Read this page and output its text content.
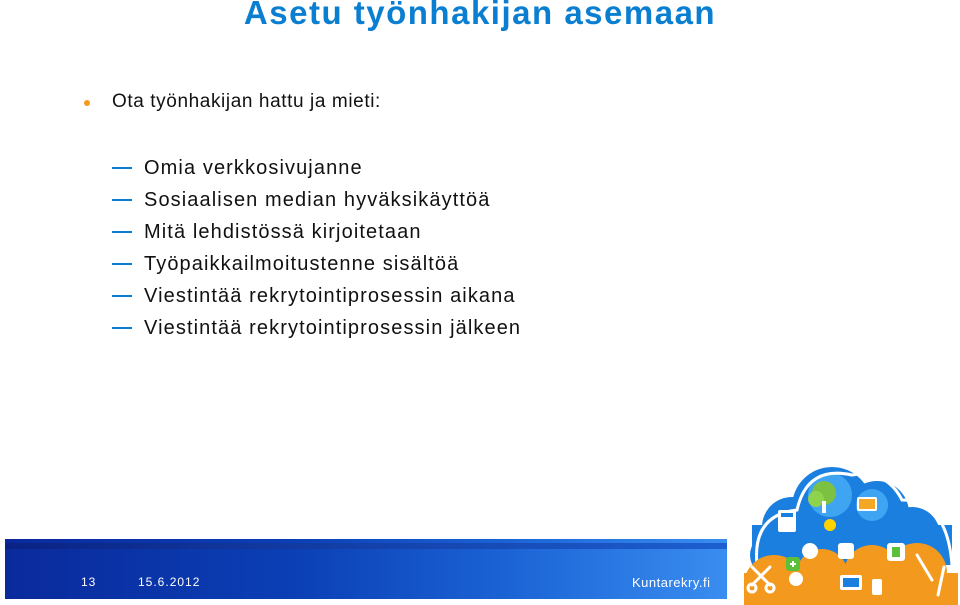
Asetu työnhakijan asemaan
Ota työnhakijan hattu ja mieti:
Omia verkkosivujanne
Sosiaalisen median hyväksikäyttöä
Mitä lehdistössä kirjoitetaan
Työpaikkailmoitustenne sisältöä
Viestintää rekrytointiprosessin aikana
Viestintää rekrytointiprosessin jälkeen
13	15.6.2012	Kuntarekry.fi
